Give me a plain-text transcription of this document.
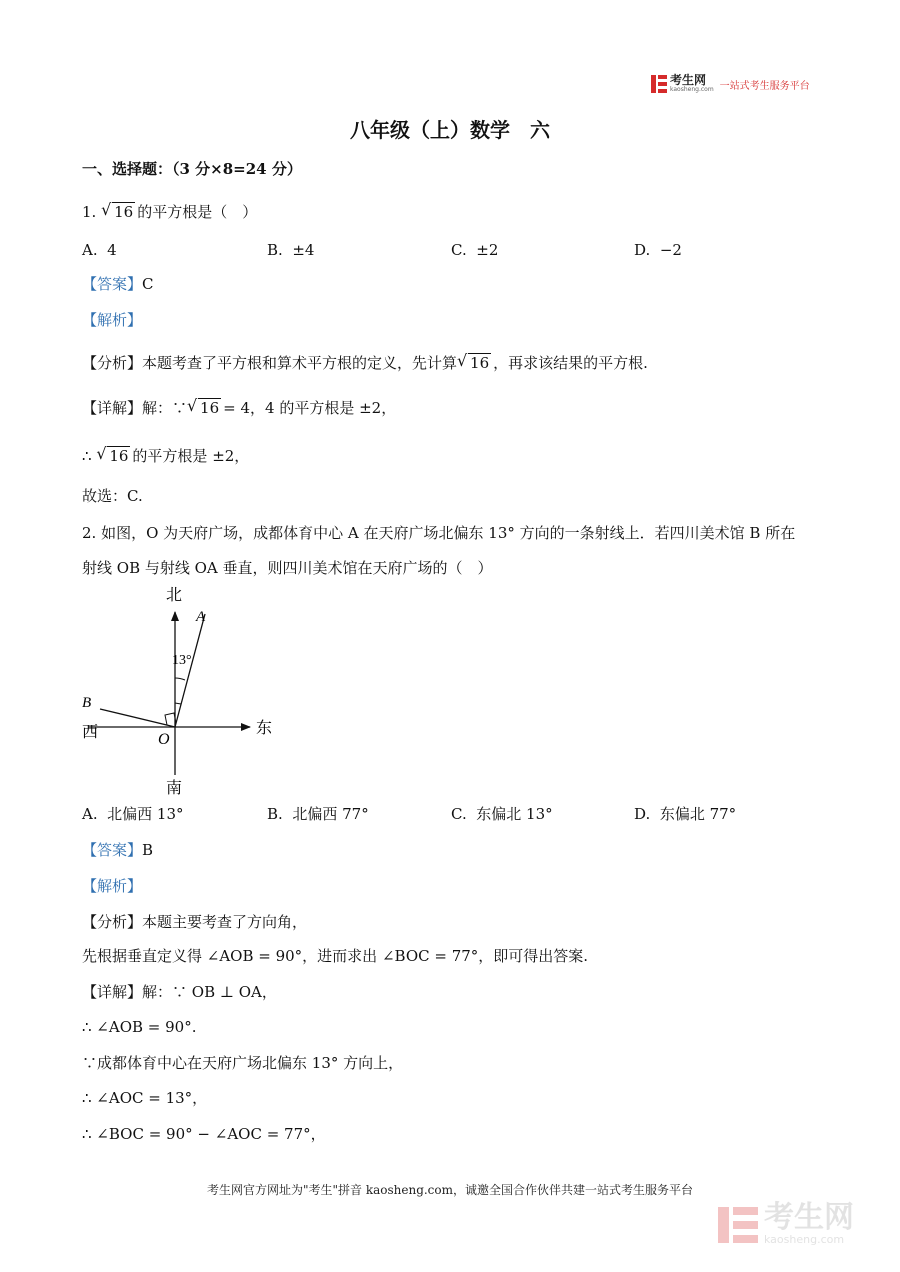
考生网
kaosheng.com 一站式考生服务平台
八年级（上）数学　六
一、选择题：（3 分×8=24 分）
1. √ 16 的平方根是（　）
A. 4	B. ±4	C. ±2	D. −2
【答案】C
【解析】
【分析】本题考查了平方根和算术平方根的定义，先计算 √ 16 ，再求该结果的平方根.
【详解】解：∵ √ 16 = 4，4 的平方根是 ±2，
∴ √ 16 的平方根是 ±2，
故选：C.
2. 如图，O 为天府广场，成都体育中心 A 在天府广场北偏东 13° 方向的一条射线上．若四川美术馆 B 所在
射线 OB 与射线 OA 垂直，则四川美术馆在天府广场的（　）
北
南
东
西
A
B
O
13°
A. 北偏西 13°	B. 北偏西 77°	C. 东偏北 13°	D. 东偏北 77°
【答案】B
【解析】
【分析】本题主要考查了方向角，
先根据垂直定义得 ∠AOB = 90°，进而求出 ∠BOC = 77°，即可得出答案.
【详解】解：∵ OB ⊥ OA，
∴ ∠AOB = 90°.
∵成都体育中心在天府广场北偏东 13° 方向上，
∴ ∠AOC = 13°，
∴ ∠BOC = 90° − ∠AOC = 77°，
考生网官方网址为"考生"拼音 kaosheng.com，诚邀全国合作伙伴共建一站式考生服务平台
考生网
kaosheng.com
